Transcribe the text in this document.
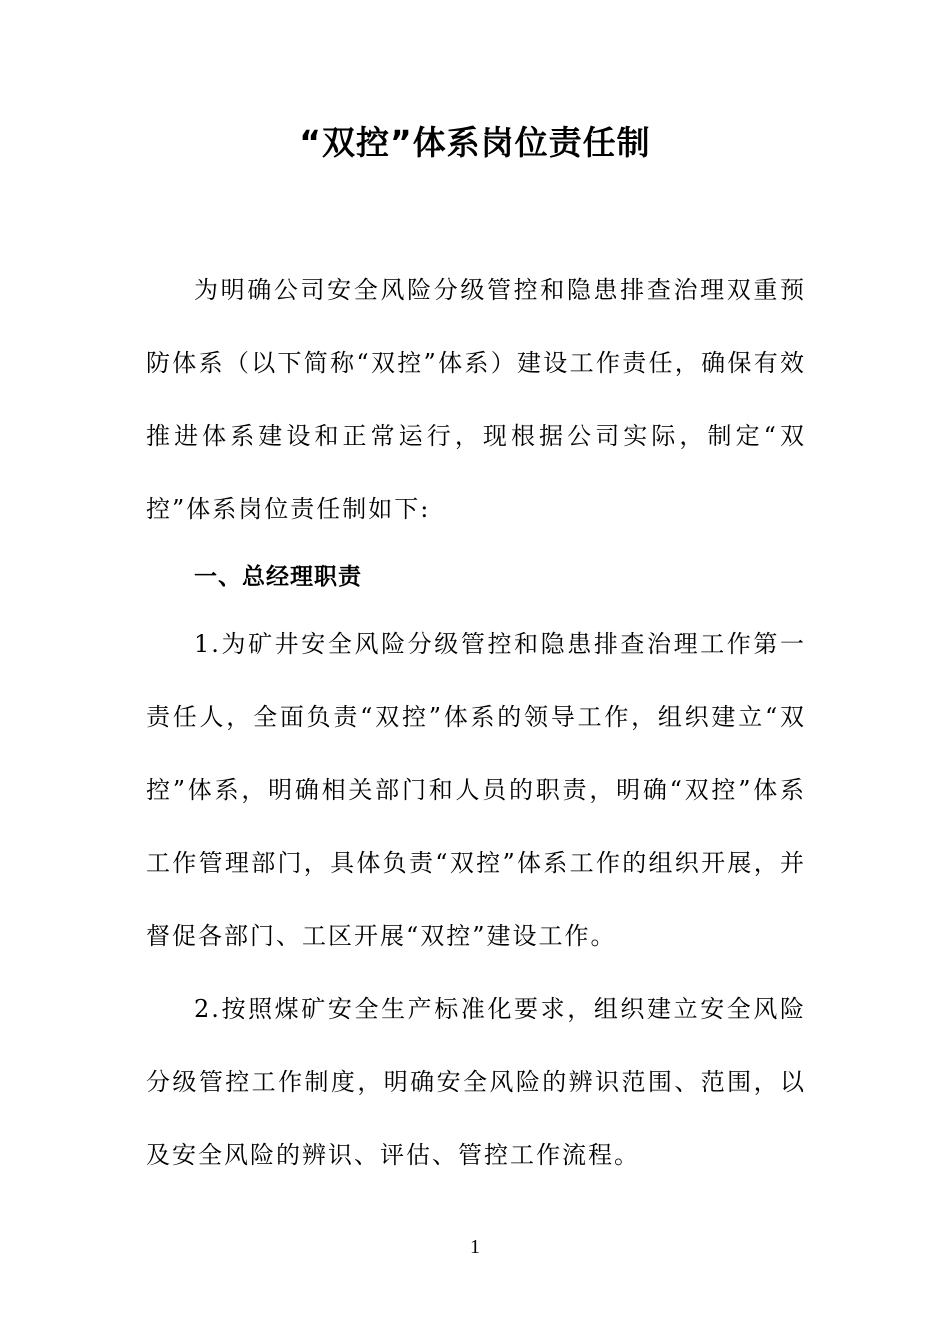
“双控”体系岗位责任制

为明确公司安全风险分级管控和隐患排查治理双重预防体系（以下简称“双控”体系）建设工作责任，确保有效推进体系建设和正常运行，现根据公司实际，制定“双控”体系岗位责任制如下:

一、总经理职责

1.为矿井安全风险分级管控和隐患排查治理工作第一责任人，全面负责“双控”体系的领导工作，组织建立“双控”体系，明确相关部门和人员的职责，明确“双控”体系工作管理部门，具体负责“双控”体系工作的组织开展，并督促各部门、工区开展“双控”建设工作。

2.按照煤矿安全生产标准化要求，组织建立安全风险分级管控工作制度，明确安全风险的辨识范围、范围，以及安全风险的辨识、评估、管控工作流程。

1
